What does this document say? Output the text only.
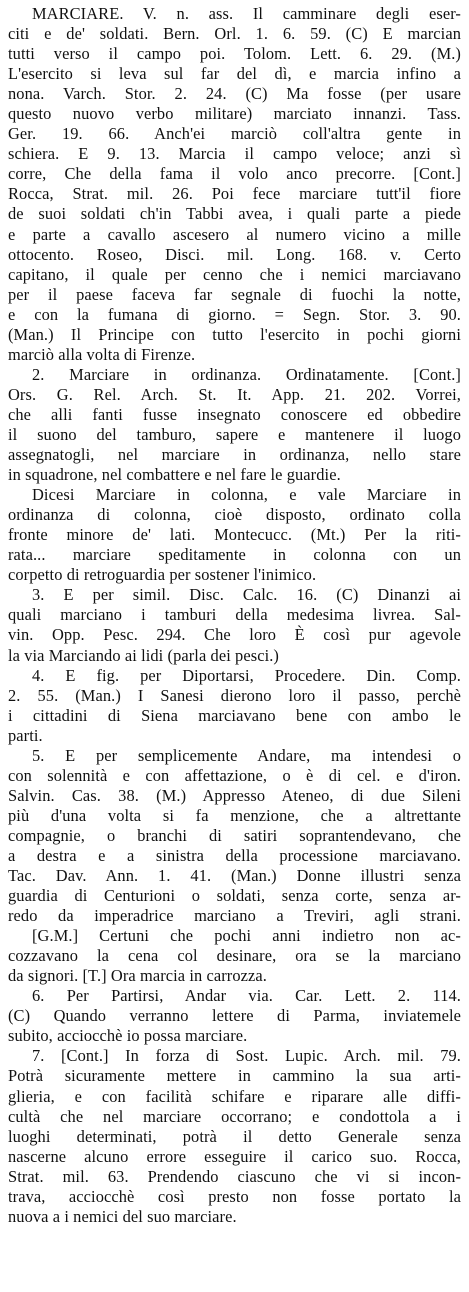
MARCIARE. V. n. ass. Il camminare degli eser-
citi e de' soldati. Bern. Orl. 1. 6. 59. (C) E marcian
tutti verso il campo poi. Tolom. Lett. 6. 29. (M.)
L'esercito si leva sul far del dì, e marcia infino a
nona. Varch. Stor. 2. 24. (C) Ma fosse (per usare
questo nuovo verbo militare) marciato innanzi. Tass.
Ger. 19. 66. Anch'ei marciò coll'altra gente in
schiera. E 9. 13. Marcia il campo veloce; anzi sì
corre, Che della fama il volo anco precorre. [Cont.]
Rocca, Strat. mil. 26. Poi fece marciare tutt'il fiore
de suoi soldati ch'in Tabbi avea, i quali parte a piede
e parte a cavallo ascesero al numero vicino a mille
ottocento. Roseo, Disci. mil. Long. 168. v. Certo
capitano, il quale per cenno che i nemici marciavano
per il paese faceva far segnale di fuochi la notte,
e con la fumana di giorno. = Segn. Stor. 3. 90.
(Man.) Il Principe con tutto l'esercito in pochi giorni
marciò alla volta di Firenze.
2. Marciare in ordinanza. Ordinatamente. [Cont.]
Ors. G. Rel. Arch. St. It. App. 21. 202. Vorrei,
che alli fanti fusse insegnato conoscere ed obbedire
il suono del tamburo, sapere e mantenere il luogo
assegnatogli, nel marciare in ordinanza, nello stare
in squadrone, nel combattere e nel fare le guardie.
Dicesi Marciare in colonna, e vale Marciare in
ordinanza di colonna, cioè disposto, ordinato colla
fronte minore de' lati. Montecucc. (Mt.) Per la riti-
rata... marciare speditamente in colonna con un
corpetto di retroguardia per sostener l'inimico.
3. E per simil. Disc. Calc. 16. (C) Dinanzi ai
quali marciano i tamburi della medesima livrea. Sal-
vin. Opp. Pesc. 294. Che loro È così pur agevole
la via Marciando ai lidi (parla dei pesci.)
4. E fig. per Diportarsi, Procedere. Din. Comp.
2. 55. (Man.) I Sanesi dierono loro il passo, perchè
i cittadini di Siena marciavano bene con ambo le
parti.
5. E per semplicemente Andare, ma intendesi o
con solennità e con affettazione, o è di cel. e d'iron.
Salvin. Cas. 38. (M.) Appresso Ateneo, di due Sileni
più d'una volta si fa menzione, che a altrettante
compagnie, o branchi di satiri soprantendevano, che
a destra e a sinistra della processione marciavano.
Tac. Dav. Ann. 1. 41. (Man.) Donne illustri senza
guardia di Centurioni o soldati, senza corte, senza ar-
redo da imperadrice marciano a Treviri, agli strani.
[G.M.] Certuni che pochi anni indietro non ac-
cozzavano la cena col desinare, ora se la marciano
da signori. [T.] Ora marcia in carrozza.
6. Per Partirsi, Andar via. Car. Lett. 2. 114.
(C) Quando verranno lettere di Parma, inviatemele
subito, acciocchè io possa marciare.
7. [Cont.] In forza di Sost. Lupic. Arch. mil. 79.
Potrà sicuramente mettere in cammino la sua arti-
glieria, e con facilità schifare e riparare alle diffi-
cultà che nel marciare occorrano; e condottola a i
luoghi determinati, potrà il detto Generale senza
nascerne alcuno errore esseguire il carico suo. Rocca,
Strat. mil. 63. Prendendo ciascuno che vi si incon-
trava, acciocchè così presto non fosse portato la
nuova a i nemici del suo marciare.
